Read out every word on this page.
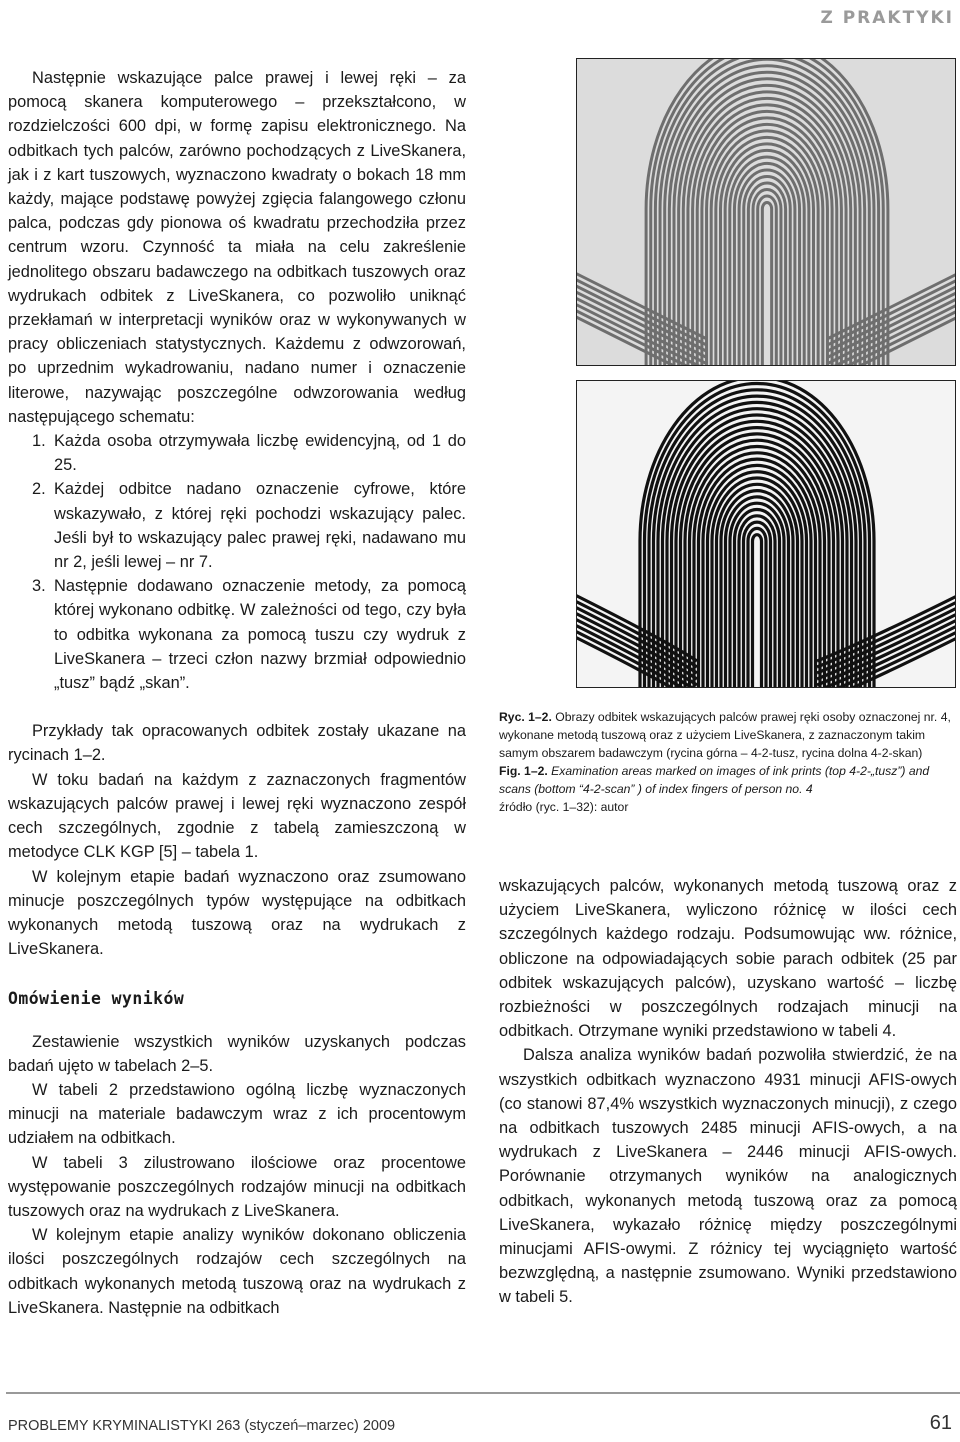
Z PRAKTYKI

Następnie wskazujące palce prawej i lewej ręki – za pomocą skanera komputerowego – przekształcono, w rozdzielczości 600 dpi, w formę zapisu elektronicznego. Na odbitkach tych palców, zarówno pochodzących z LiveSkanera, jak i z kart tuszowych, wyznaczono kwadraty o bokach 18 mm każdy, mające podstawę powyżej zgięcia falangowego członu palca, podczas gdy pionowa oś kwadratu przechodziła przez centrum wzoru. Czynność ta miała na celu zakreślenie jednolitego obszaru badawczego na odbitkach tuszowych oraz wydrukach odbitek z LiveSkanera, co pozwoliło uniknąć przekłamań w interpretacji wyników oraz w wykonywanych w pracy obliczeniach statystycznych. Każdemu z odwzorowań, po uprzednim wykadrowaniu, nadano numer i oznaczenie literowe, nazywając poszczególne odwzorowania według następującego schematu:

1. Każda osoba otrzymywała liczbę ewidencyjną, od 1 do 25.
2. Każdej odbitce nadano oznaczenie cyfrowe, które wskazywało, z której ręki pochodzi wskazujący palec. Jeśli był to wskazujący palec prawej ręki, nadawano mu nr 2, jeśli lewej – nr 7.
3. Następnie dodawano oznaczenie metody, za pomocą której wykonano odbitkę. W zależności od tego, czy była to odbitka wykonana za pomocą tuszu czy wydruk z LiveSkanera – trzeci człon nazwy brzmiał odpowiednio „tusz” bądź „skan”.

Przykłady tak opracowanych odbitek zostały ukazane na rycinach 1–2.

W toku badań na każdym z zaznaczonych fragmentów wskazujących palców prawej i lewej ręki wyznaczono zespół cech szczególnych, zgodnie z tabelą zamieszczoną w metodyce CLK KGP [5] – tabela 1.

W kolejnym etapie badań wyznaczono oraz zsumowano minucje poszczególnych typów występujące na odbitkach wykonanych metodą tuszową oraz na wydrukach z LiveSkanera.

Omówienie wyników

Zestawienie wszystkich wyników uzyskanych podczas badań ujęto w tabelach 2–5.

W tabeli 2 przedstawiono ogólną liczbę wyznaczonych minucji na materiale badawczym wraz z ich procentowym udziałem na odbitkach.

W tabeli 3 zilustrowano ilościowe oraz procentowe występowanie poszczególnych rodzajów minucji na odbitkach tuszowych oraz na wydrukach z LiveSkanera.

W kolejnym etapie analizy wyników dokonano obliczenia ilości poszczególnych rodzajów cech szczególnych na odbitkach wykonanych metodą tuszową oraz na wydrukach z LiveSkanera. Następnie na odbitkach

Ryc. 1–2. Obrazy odbitek wskazujących palców prawej ręki osoby oznaczonej nr. 4, wykonane metodą tuszową oraz z użyciem LiveSkanera, z zaznaczonym takim samym obszarem badawczym (rycina górna – 4-2-tusz, rycina dolna 4-2-skan)

Fig. 1–2. Examination areas marked on images of ink prints (top 4-2-„tusz”) and scans (bottom “4-2-scan” ) of index fingers of person no. 4

źródło (ryc. 1–32): autor

wskazujących palców, wykonanych metodą tuszową oraz z użyciem LiveSkanera, wyliczono różnicę w ilości cech szczególnych każdego rodzaju. Podsumowując ww. różnice, obliczone na odpowiadających sobie parach odbitek (25 par odbitek wskazujących palców), uzyskano wartość – liczbę rozbieżności w poszczególnych rodzajach minucji na odbitkach. Otrzymane wyniki przedstawiono w tabeli 4.

Dalsza analiza wyników badań pozwoliła stwierdzić, że na wszystkich odbitkach wyznaczono 4931 minucji AFIS-owych (co stanowi 87,4% wszystkich wyznaczonych minucji), z czego na odbitkach tuszowych 2485 minucji AFIS-owych, a na wydrukach z LiveSkanera – 2446 minucji AFIS-owych. Porównanie otrzymanych wyników na analogicznych odbitkach, wykonanych metodą tuszową oraz za pomocą LiveSkanera, wykazało różnicę między poszczególnymi minucjami AFIS-owymi. Z różnicy tej wyciągnięto wartość bezwzględną, a następnie zsumowano. Wyniki przedstawiono w tabeli 5.

PROBLEMY KRYMINALISTYKI 263 (styczeń–marzec) 2009	61
